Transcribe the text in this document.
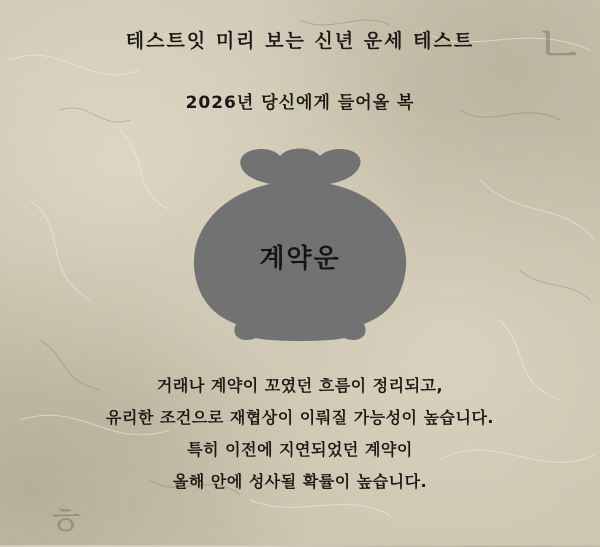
ㄴ
ㅎ
테스트잇 미리 보는 신년 운세 테스트
2026년 당신에게 들어올 복
계약운
거래나 계약이 꼬였던 흐름이 정리되고,
유리한 조건으로 재협상이 이뤄질 가능성이 높습니다.
특히 이전에 지연되었던 계약이
올해 안에 성사될 확률이 높습니다.
